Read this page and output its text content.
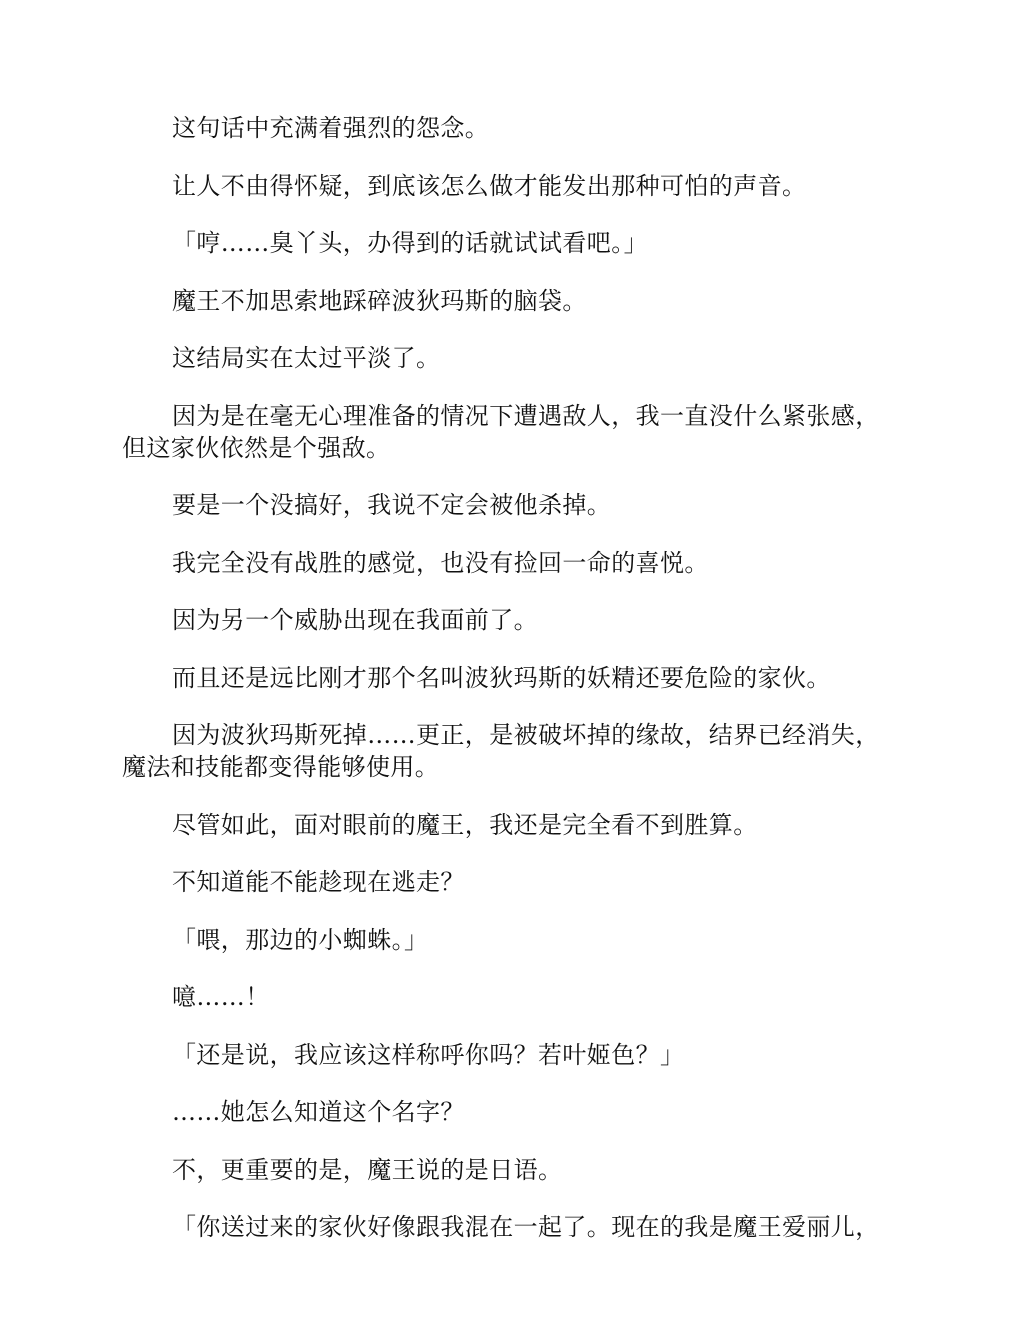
这句话中充满着强烈的怨念。

让人不由得怀疑，到底该怎么做才能发出那种可怕的声音。

「哼……臭丫头，办得到的话就试试看吧。」

魔王不加思索地踩碎波狄玛斯的脑袋。

这结局实在太过平淡了。

因为是在毫无心理准备的情况下遭遇敌人，我一直没什么紧张感，但这家伙依然是个强敌。

要是一个没搞好，我说不定会被他杀掉。

我完全没有战胜的感觉，也没有捡回一命的喜悦。

因为另一个威胁出现在我面前了。

而且还是远比刚才那个名叫波狄玛斯的妖精还要危险的家伙。

因为波狄玛斯死掉……更正，是被破坏掉的缘故，结界已经消失，魔法和技能都变得能够使用。

尽管如此，面对眼前的魔王，我还是完全看不到胜算。

不知道能不能趁现在逃走？

「喂，那边的小蜘蛛。」

噫……！

「还是说，我应该这样称呼你吗？若叶姬色？」

……她怎么知道这个名字？

不，更重要的是，魔王说的是日语。

「你送过来的家伙好像跟我混在一起了。现在的我是魔王爱丽儿，
